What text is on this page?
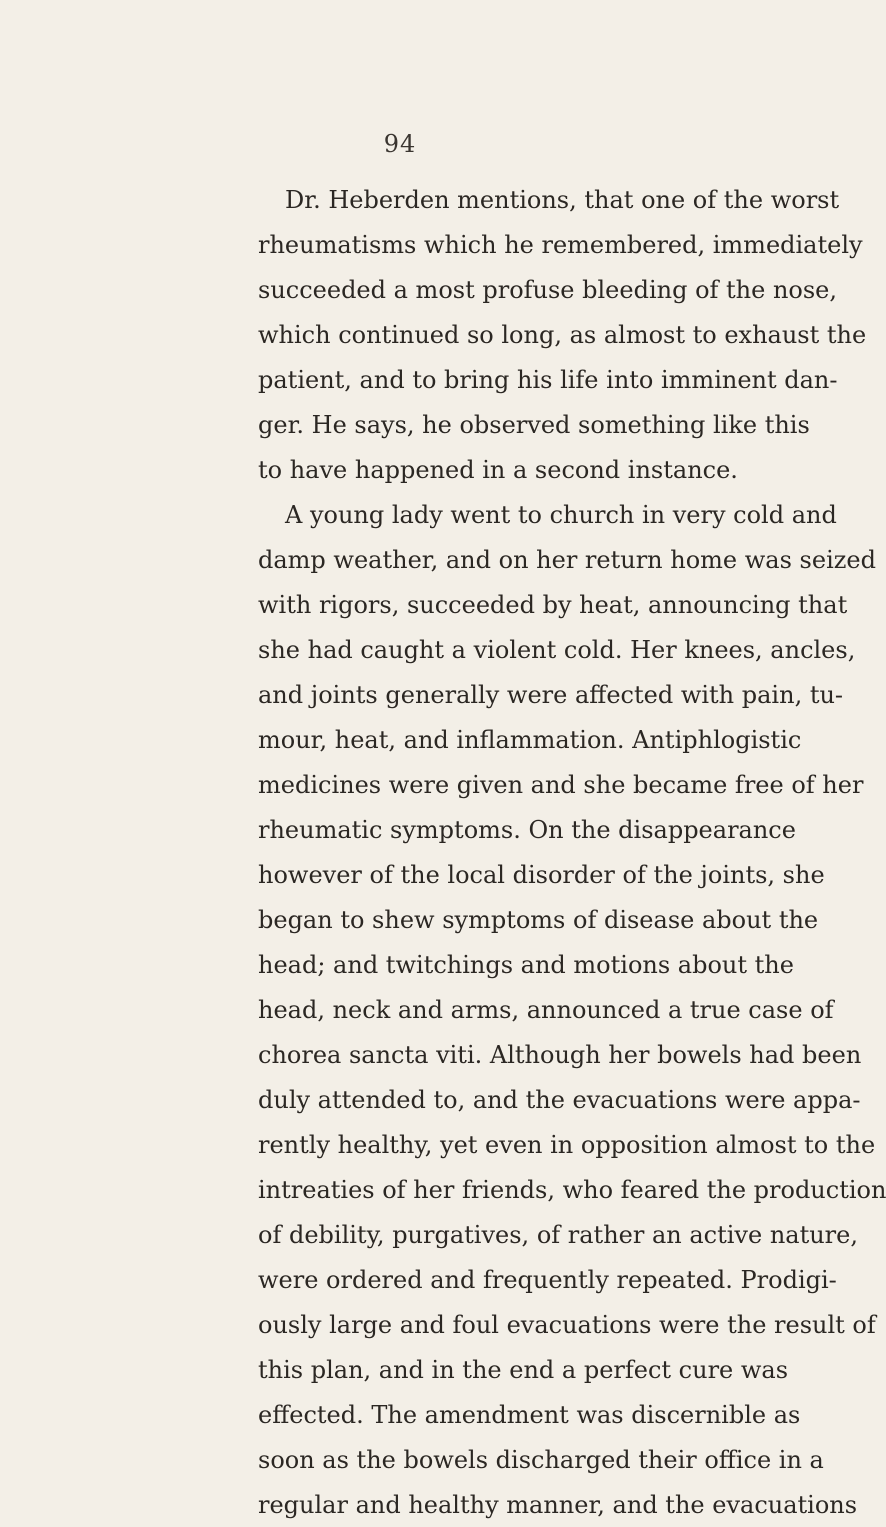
94
Dr. Heberden mentions, that one of the worst
rheumatisms which he remembered, immediately
succeeded a most profuse bleeding of the nose,
which continued so long, as almost to exhaust the
patient, and to bring his life into imminent dan-
ger. He says, he observed something like this
to have happened in a second instance.
A young lady went to church in very cold and
damp weather, and on her return home was seized
with rigors, succeeded by heat, announcing that
she had caught a violent cold. Her knees, ancles,
and joints generally were affected with pain, tu-
mour, heat, and inflammation. Antiphlogistic
medicines were given and she became free of her
rheumatic symptoms. On the disappearance
however of the local disorder of the joints, she
began to shew symptoms of disease about the
head; and twitchings and motions about the
head, neck and arms, announced a true case of
chorea sancta viti. Although her bowels had been
duly attended to, and the evacuations were appa-
rently healthy, yet even in opposition almost to the
intreaties of her friends, who feared the production
of debility, purgatives, of rather an active nature,
were ordered and frequently repeated. Prodigi-
ously large and foul evacuations were the result of
this plan, and in the end a perfect cure was
effected. The amendment was discernible as
soon as the bowels discharged their office in a
regular and healthy manner, and the evacuations
